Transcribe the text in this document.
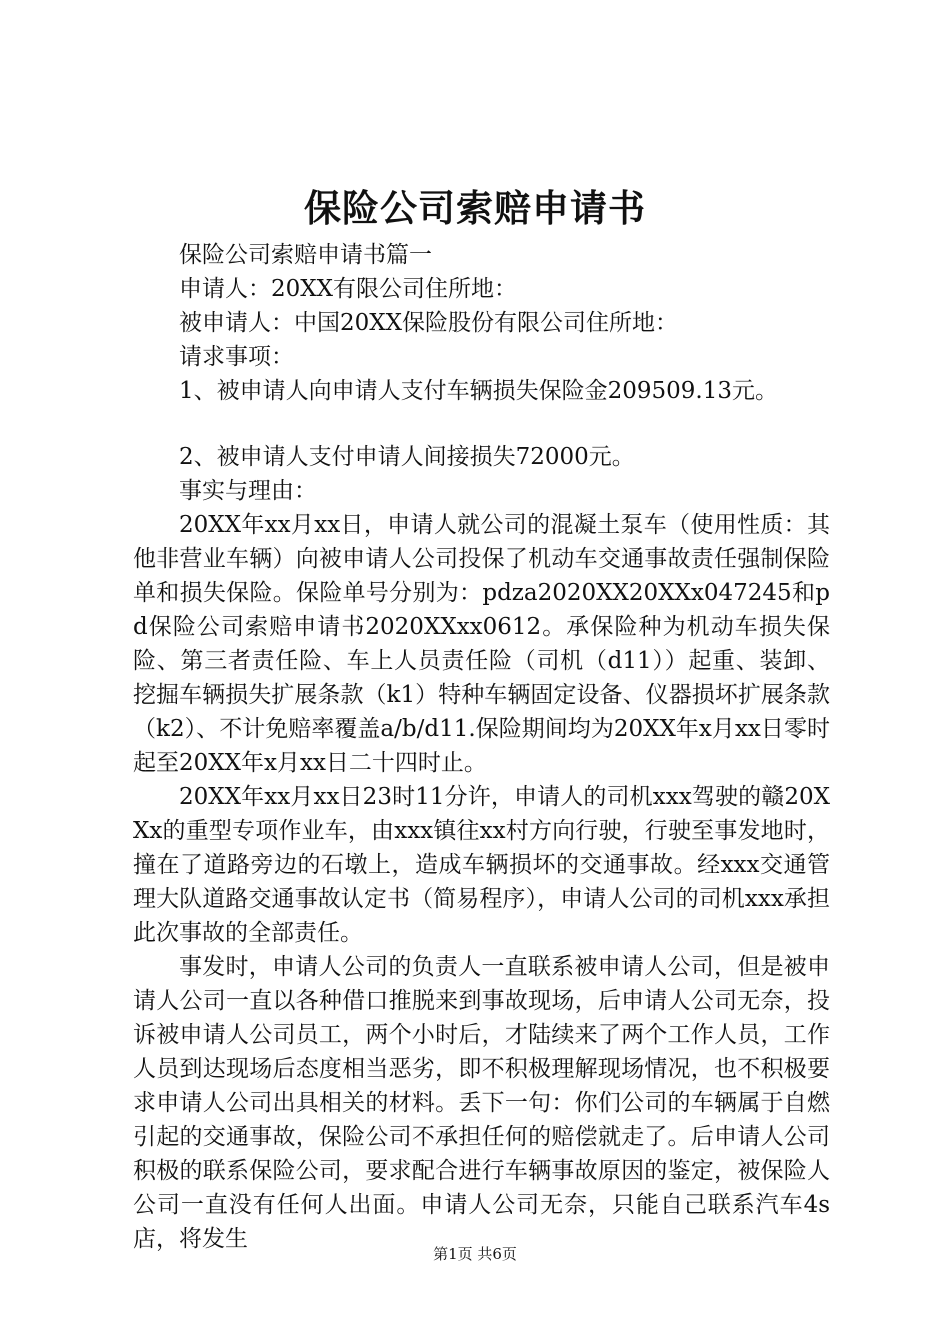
保险公司索赔申请书

保险公司索赔申请书篇一

申请人：20XX有限公司住所地：

被申请人：中国20XX保险股份有限公司住所地：

请求事项：

1、被申请人向申请人支付车辆损失保险金209509.13元。

2、被申请人支付申请人间接损失72000元。

事实与理由：

20XX年xx月xx日，申请人就公司的混凝土泵车（使用性质：其他非营业车辆）向被申请人公司投保了机动车交通事故责任强制保险单和损失保险。保险单号分别为：pdza2020XX20XXx047245和pd保险公司索赔申请书2020XXxx0612。承保险种为机动车损失保险、第三者责任险、车上人员责任险（司机（d11））起重、装卸、挖掘车辆损失扩展条款（k1）特种车辆固定设备、仪器损坏扩展条款（k2）、不计免赔率覆盖a/b/d11.保险期间均为20XX年x月xx日零时起至20XX年x月xx日二十四时止。

20XX年xx月xx日23时11分许，申请人的司机xxx驾驶的赣20XXx的重型专项作业车，由xxx镇往xx村方向行驶，行驶至事发地时，撞在了道路旁边的石墩上，造成车辆损坏的交通事故。经xxx交通管理大队道路交通事故认定书（简易程序），申请人公司的司机xxx承担此次事故的全部责任。

事发时，申请人公司的负责人一直联系被申请人公司，但是被申请人公司一直以各种借口推脱来到事故现场，后申请人公司无奈，投诉被申请人公司员工，两个小时后，才陆续来了两个工作人员，工作人员到达现场后态度相当恶劣，即不积极理解现场情况，也不积极要求申请人公司出具相关的材料。丢下一句：你们公司的车辆属于自燃引起的交通事故，保险公司不承担任何的赔偿就走了。后申请人公司积极的联系保险公司，要求配合进行车辆事故原因的鉴定，被保险人公司一直没有任何人出面。申请人公司无奈，只能自己联系汽车4s店，将发生

第1页 共6页
